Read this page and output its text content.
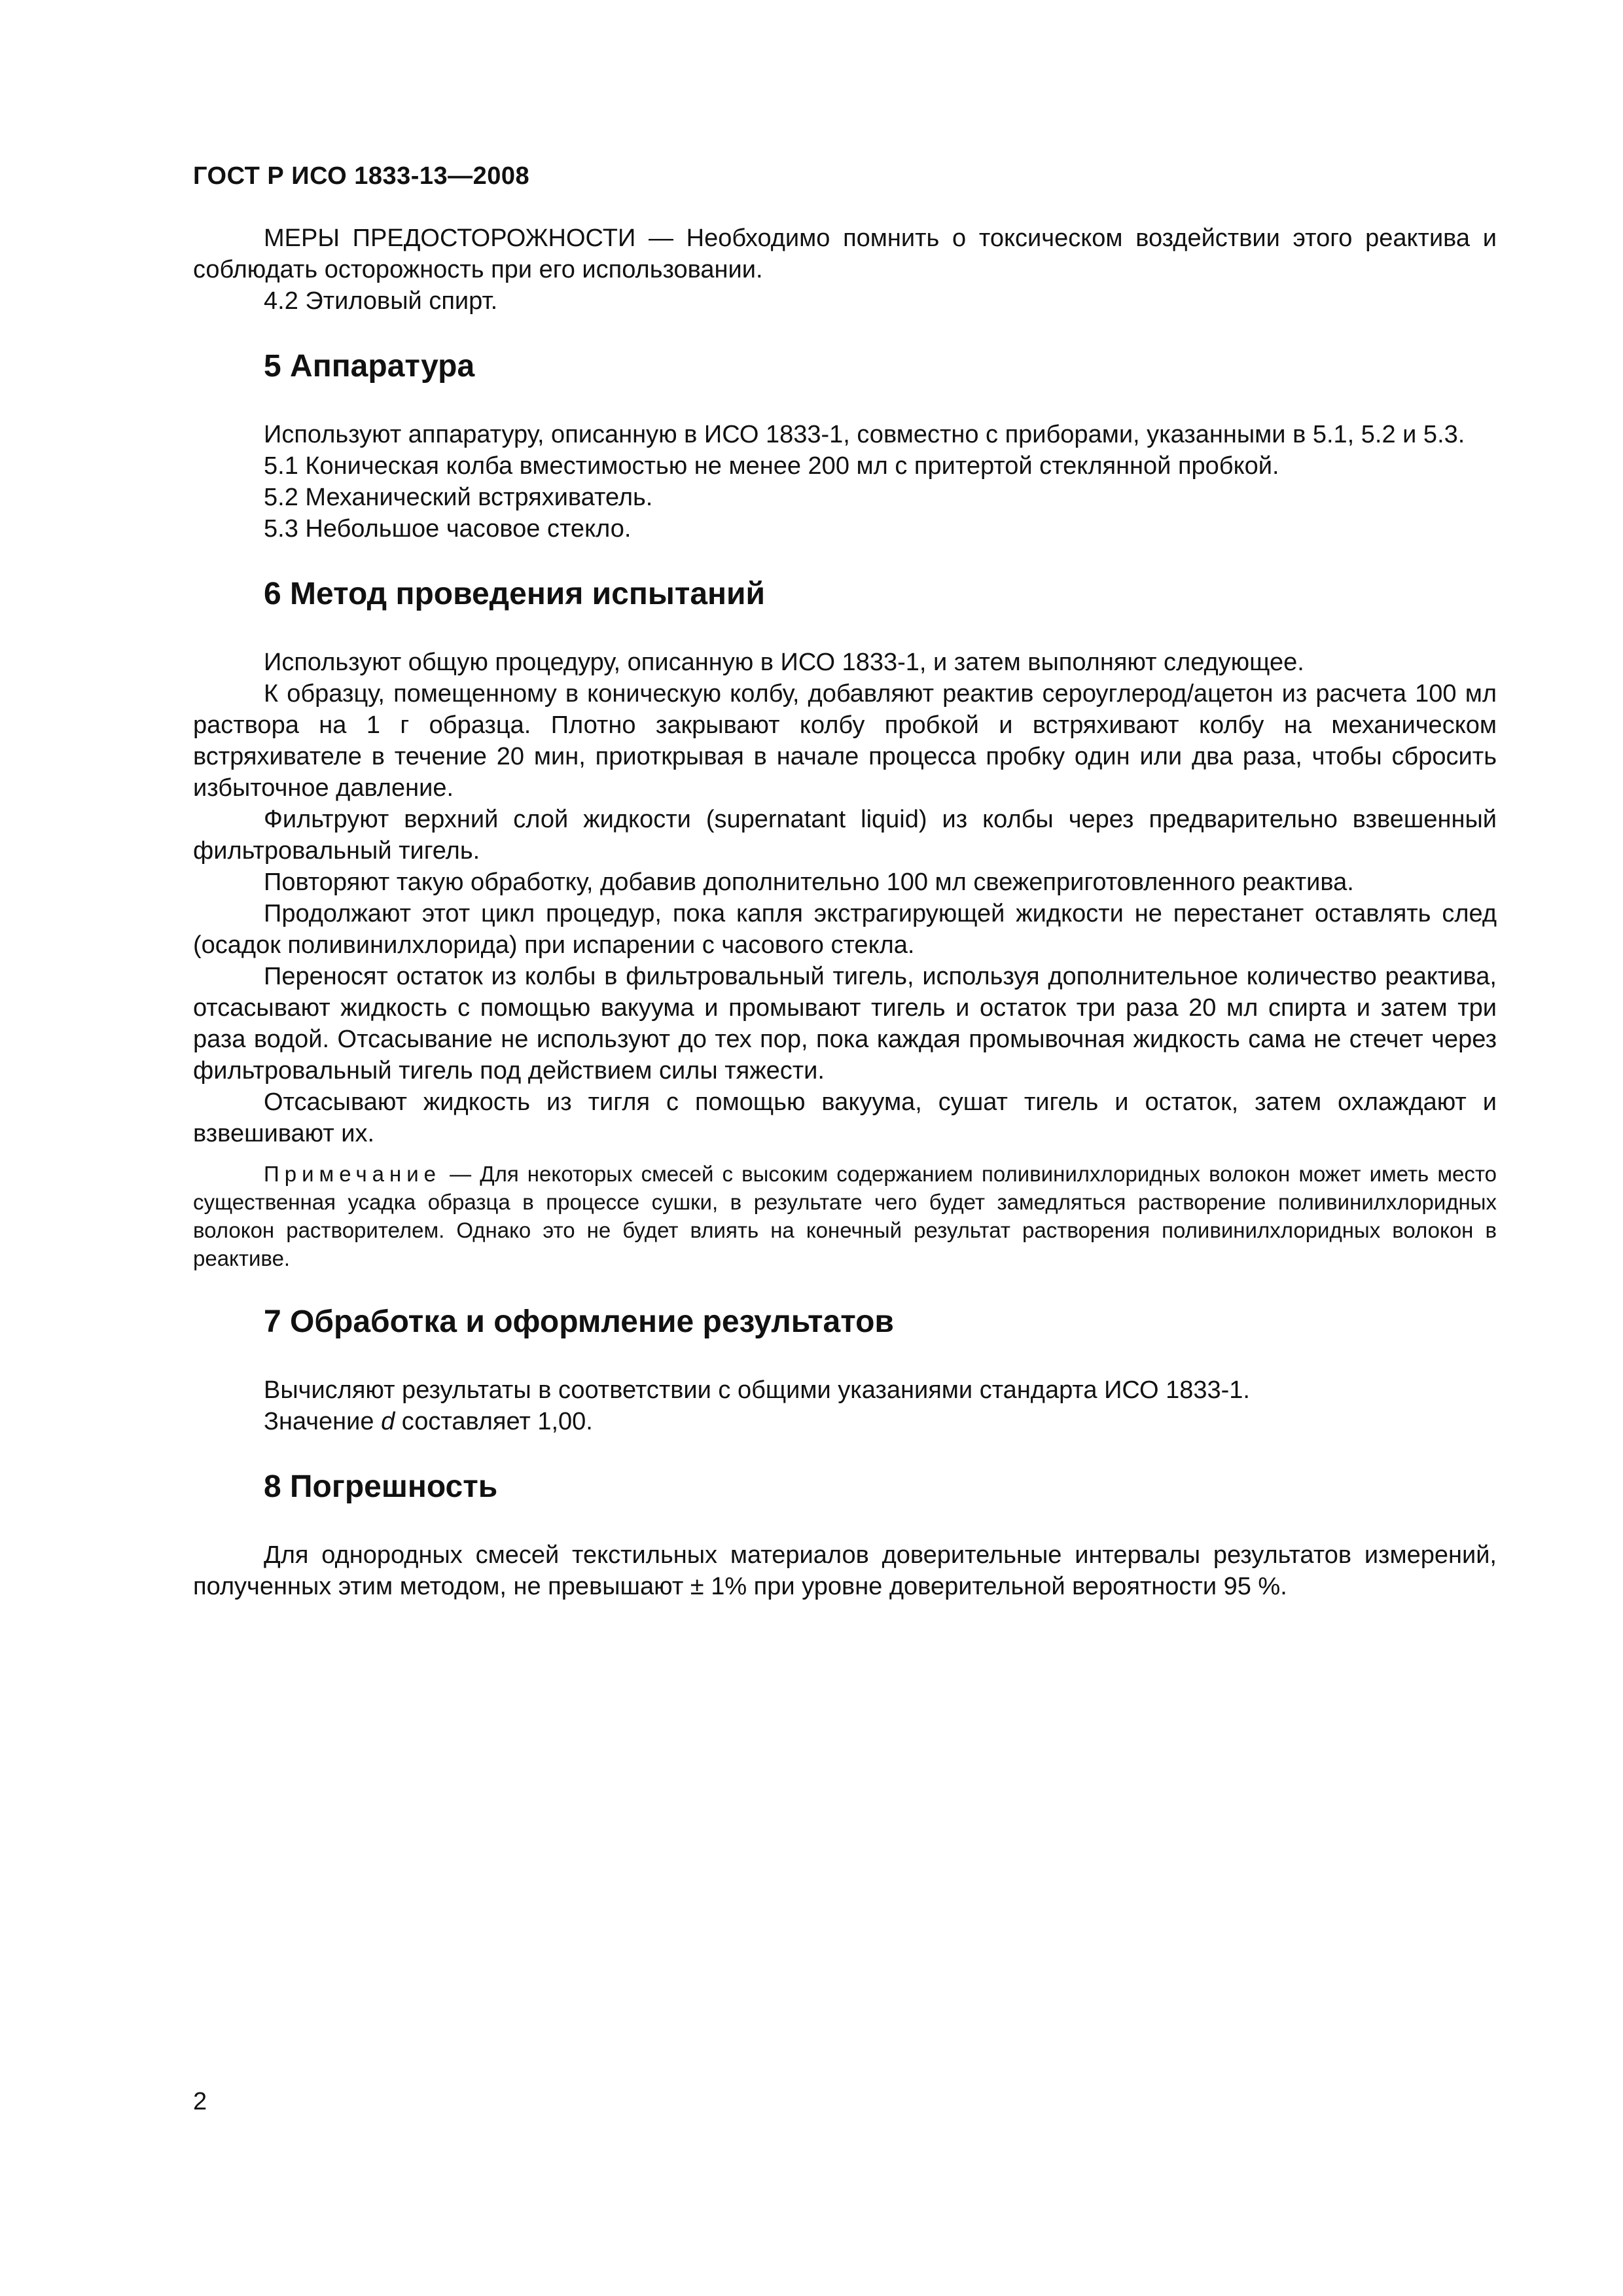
ГОСТ Р ИСО 1833-13—2008

МЕРЫ ПРЕДОСТОРОЖНОСТИ — Необходимо помнить о токсическом воздействии этого реактива и соблюдать осторожность при его использовании.

4.2 Этиловый спирт.

5 Аппаратура

Используют аппаратуру, описанную в ИСО 1833-1, совместно с приборами, указанными в 5.1, 5.2 и 5.3.

5.1 Коническая колба вместимостью не менее 200 мл с притертой стеклянной пробкой.

5.2 Механический встряхиватель.

5.3 Небольшое часовое стекло.

6 Метод проведения испытаний

Используют общую процедуру, описанную в ИСО 1833-1, и затем выполняют следующее.

К образцу, помещенному в коническую колбу, добавляют реактив сероуглерод/ацетон из расчета 100 мл раствора на 1 г образца. Плотно закрывают колбу пробкой и встряхивают колбу на механическом встряхивателе в течение 20 мин, приоткрывая в начале процесса пробку один или два раза, чтобы сбросить избыточное давление.

Фильтруют верхний слой жидкости (supernatant liquid) из колбы через предварительно взвешенный фильтровальный тигель.

Повторяют такую обработку, добавив дополнительно 100 мл свежеприготовленного реактива.

Продолжают этот цикл процедур, пока капля экстрагирующей жидкости не перестанет оставлять след (осадок поливинилхлорида) при испарении с часового стекла.

Переносят остаток из колбы в фильтровальный тигель, используя дополнительное количество реактива, отсасывают жидкость с помощью вакуума и промывают тигель и остаток три раза 20 мл спирта и затем три раза водой. Отсасывание не используют до тех пор, пока каждая промывочная жидкость сама не стечет через фильтровальный тигель под действием силы тяжести.

Отсасывают жидкость из тигля с помощью вакуума, сушат тигель и остаток, затем охлаждают и взвешивают их.

Примечание — Для некоторых смесей с высоким содержанием поливинилхлоридных волокон может иметь место существенная усадка образца в процессе сушки, в результате чего будет замедляться растворение поливинилхлоридных волокон растворителем. Однако это не будет влиять на конечный результат растворения поливинилхлоридных волокон в реактиве.

7 Обработка и оформление результатов

Вычисляют результаты в соответствии с общими указаниями стандарта ИСО 1833-1.

Значение d составляет 1,00.

8 Погрешность

Для однородных смесей текстильных материалов доверительные интервалы результатов измерений, полученных этим методом, не превышают ± 1% при уровне доверительной вероятности 95 %.

2
